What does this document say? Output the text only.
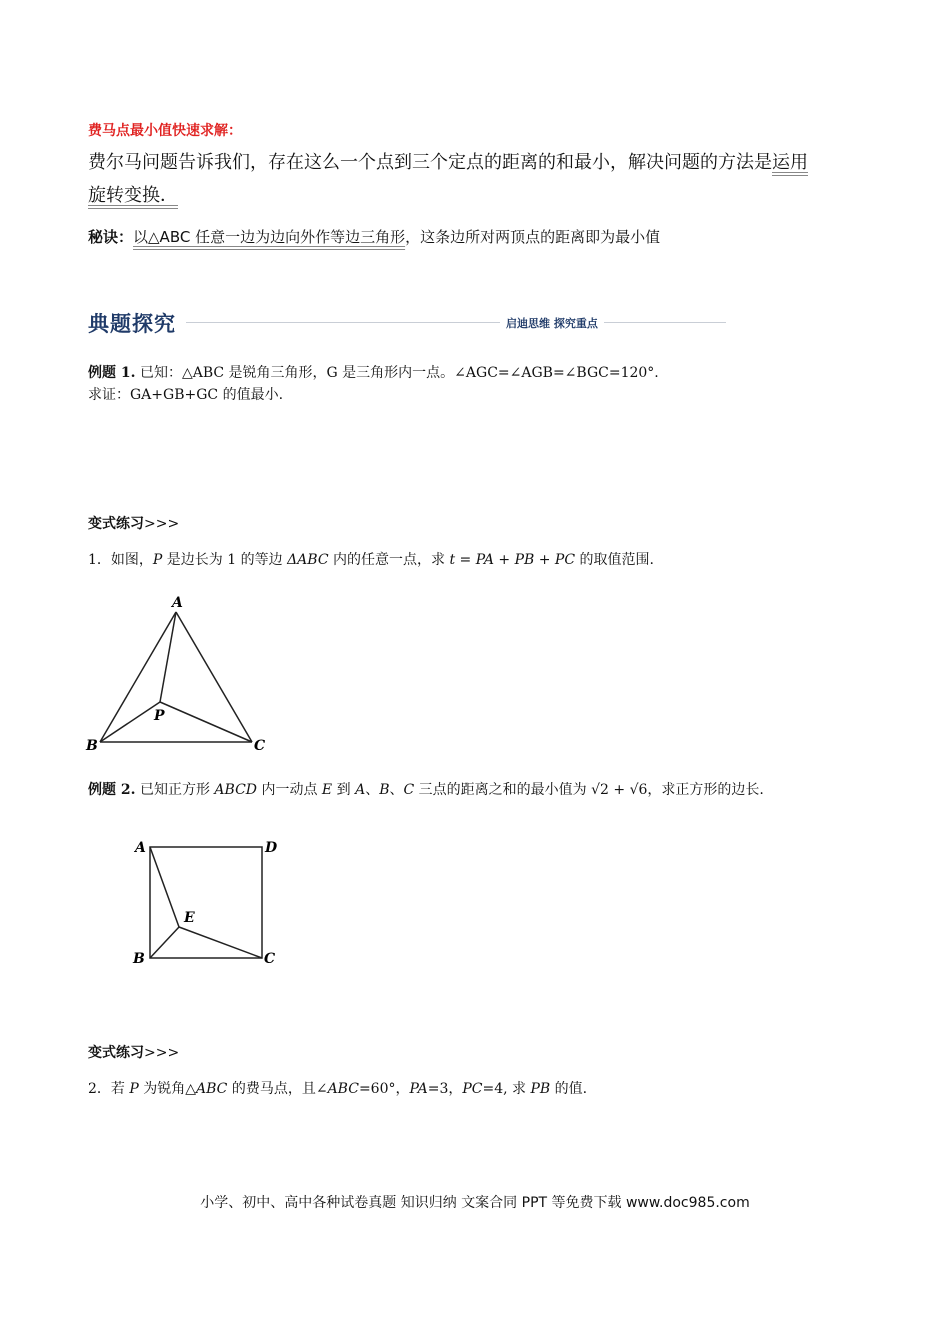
费马点最小值快速求解：
费尔马问题告诉我们，存在这么一个点到三个定点的距离的和最小，解决问题的方法是运用
旋转变换．
秘诀：以△ABC 任意一边为边向外作等边三角形，这条边所对两顶点的距离即为最小值
典题探究	启迪思维 探究重点
例题 1. 已知：△ABC 是锐角三角形，G 是三角形内一点。∠AGC=∠AGB=∠BGC=120°.
求证：GA+GB+GC 的值最小.
变式练习>>>
1．如图，P 是边长为 1 的等边 ΔABC 内的任意一点，求 t = PA + PB + PC 的取值范围.
A
B	C
P
例题 2. 已知正方形 ABCD 内一动点 E 到 A、B、C 三点的距离之和的最小值为 √2 + √6，求正方形的边长.
A	D
B	C
E
变式练习>>>
2．若 P 为锐角△ABC 的费马点，且∠ABC=60°，PA=3，PC=4, 求 PB 的值.
小学、初中、高中各种试卷真题 知识归纳 文案合同 PPT 等免费下载 www.doc985.com
